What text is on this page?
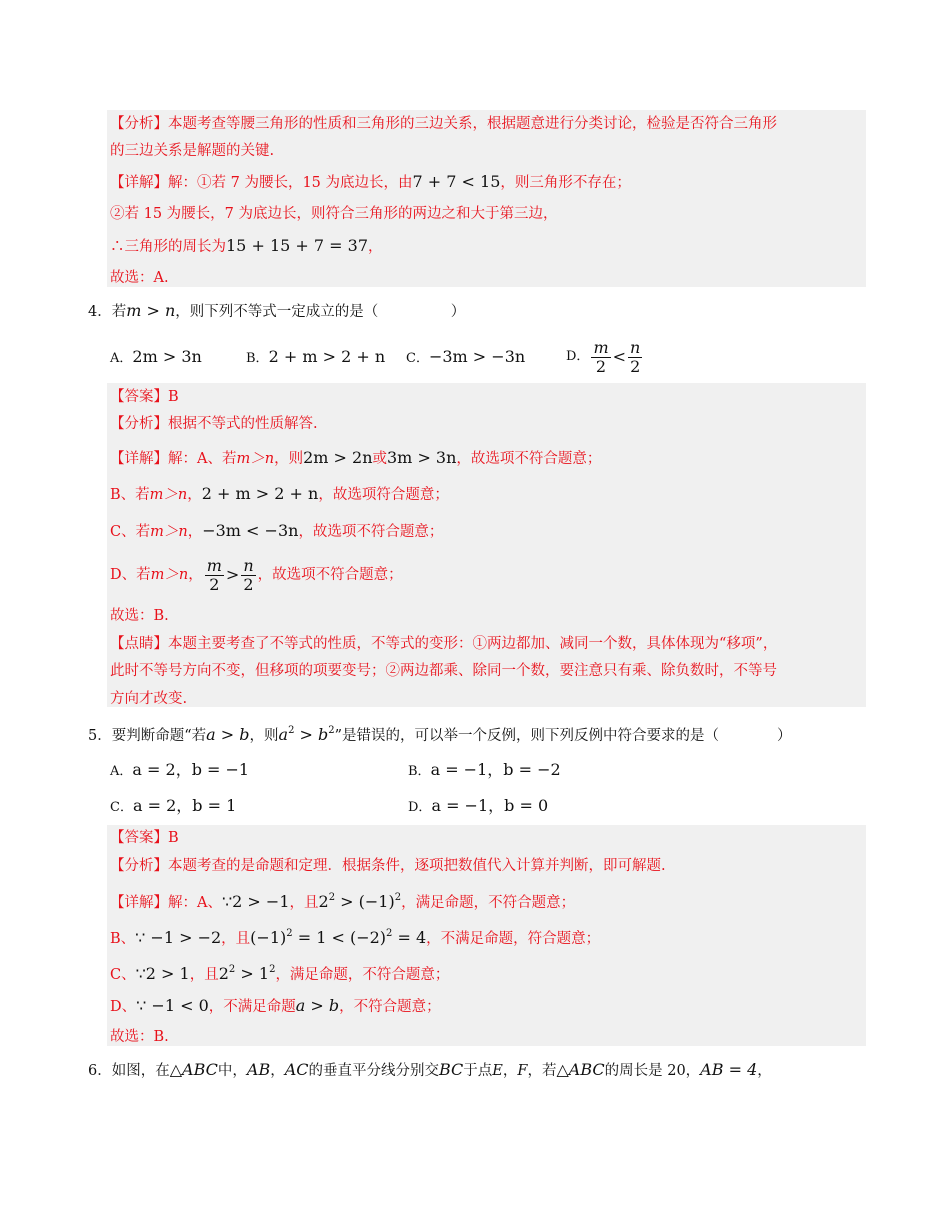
【分析】本题考查等腰三角形的性质和三角形的三边关系，根据题意进行分类讨论，检验是否符合三角形
的三边关系是解题的关键.
【详解】解：①若 7 为腰长，15 为底边长，由7 + 7 < 15，则三角形不存在；
②若 15 为腰长，7 为底边长，则符合三角形的两边之和大于第三边，
∴三角形的周长为15 + 15 + 7 = 37，
故选：A.
4．若m > n，则下列不等式一定成立的是（　　　　　）
A．2m > 3n	B．2 + m > 2 + n C．−3m > −3n	D． $\frac{m}{2} < \frac{n}{2}$
【答案】B
【分析】根据不等式的性质解答.
【详解】解：A、若m＞n，则2m > 2n或3m > 3n，故选项不符合题意；
B、若m＞n，2 + m > 2 + n，故选项符合题意；
C、若m＞n，−3m < −3n，故选项不符合题意；
D、若m＞n， $\frac{m}{2} > \frac{n}{2}$ ，故选项不符合题意；
故选：B.
【点睛】本题主要考查了不等式的性质，不等式的变形：①两边都加、减同一个数，具体体现为“移项”，
此时不等号方向不变，但移项的项要变号；②两边都乘、除同一个数，要注意只有乘、除负数时，不等号
方向才改变.
5．要判断命题“若a > b，则$a^2 > b^2$”是错误的，可以举一个反例，则下列反例中符合要求的是（　　　　）
A．a = 2，b = −1	B．a = −1，b = −2
C．a = 2，b = 1	D．a = −1，b = 0
【答案】B
【分析】本题考查的是命题和定理．根据条件，逐项把数值代入计算并判断，即可解题.
【详解】解：A、∵2 > −1，且$2^2 > (-1)^2$，满足命题，不符合题意；
B、∵ −1 > −2，且$(-1)^2 = 1 < (-2)^2 = 4$，不满足命题，符合题意；
C、∵2 > 1，且$2^2 > 1^2$，满足命题，不符合题意；
D、∵ −1 < 0，不满足命题a > b，不符合题意；
故选：B.
6．如图，在△ABC中，AB，AC的垂直平分线分别交BC于点E，F，若△ABC的周长是 20，AB = 4，
